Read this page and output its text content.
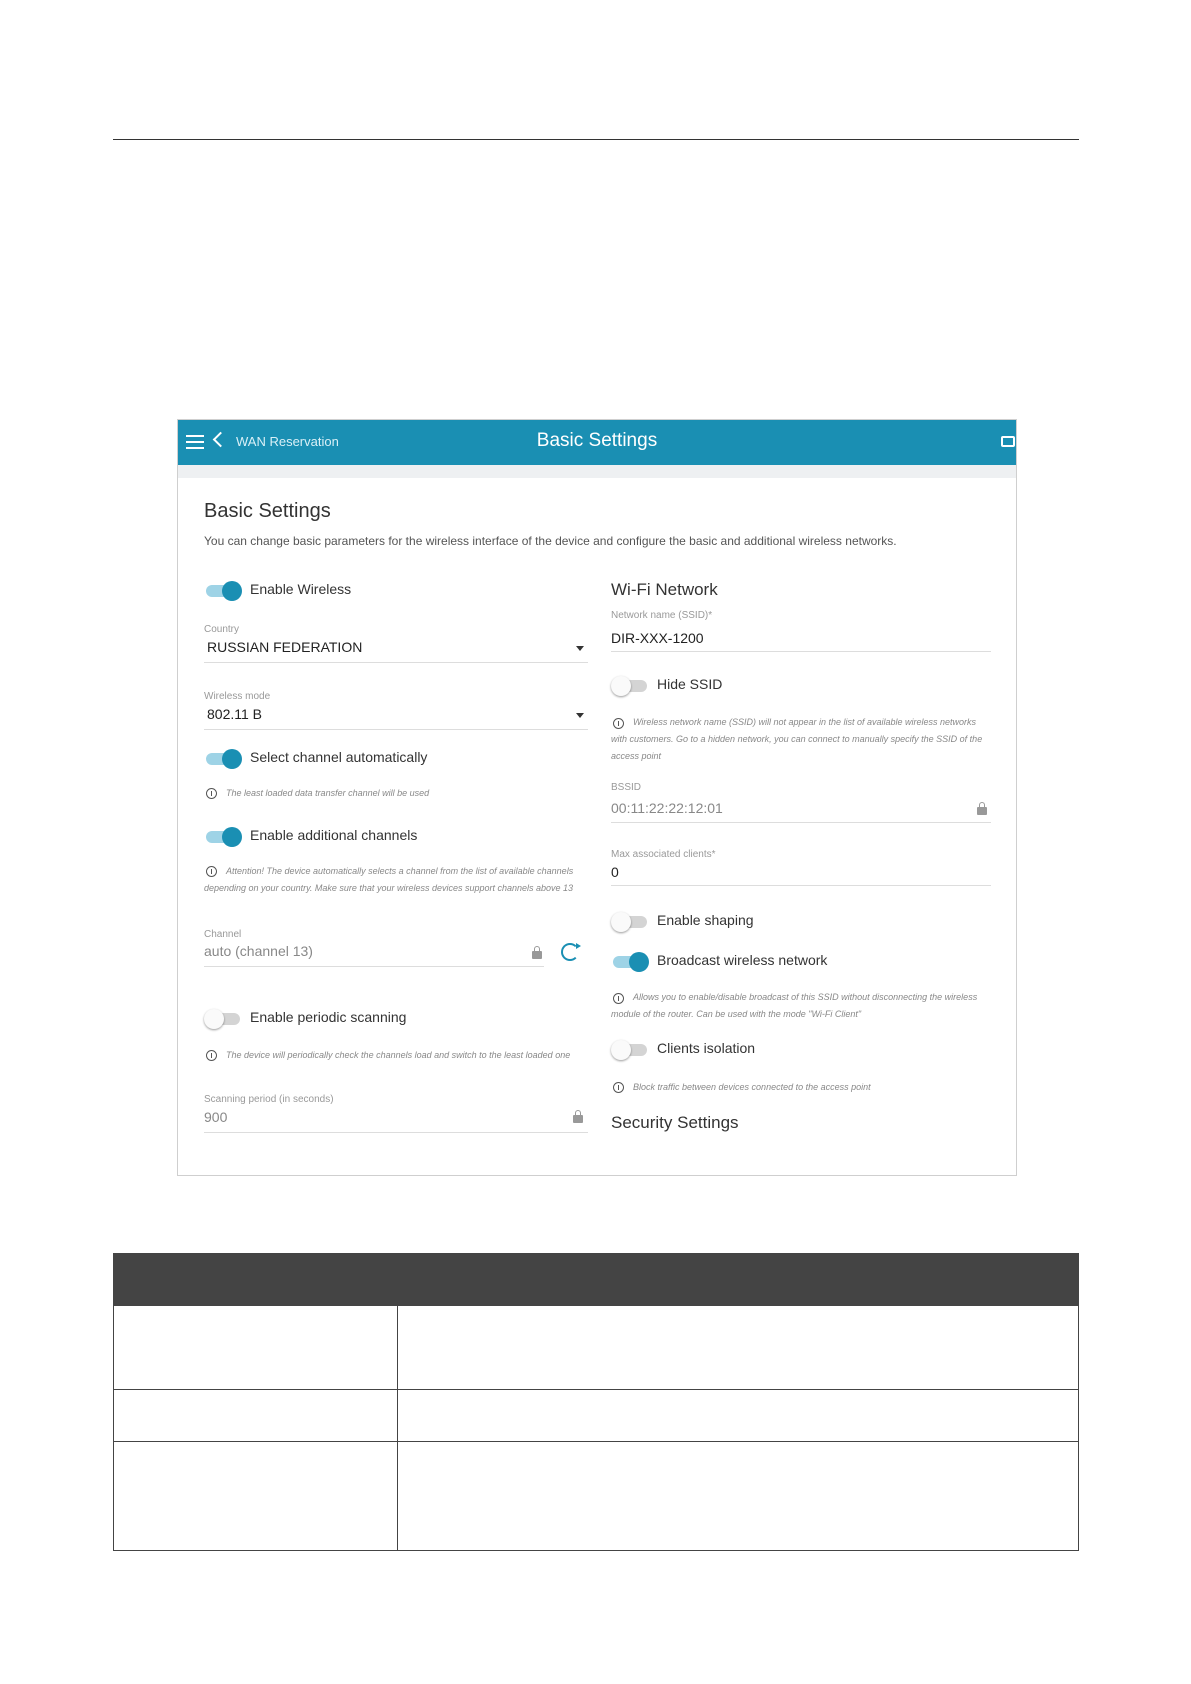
WAN Reservation	Basic Settings
Basic Settings
You can change basic parameters for the wireless interface of the device and configure the basic and additional wireless networks.
Enable Wireless
Country
RUSSIAN FEDERATION
Wireless mode
802.11 B
Select channel automatically
The least loaded data transfer channel will be used
Enable additional channels
Attention! The device automatically selects a channel from the list of available channels depending on your country. Make sure that your wireless devices support channels above 13
Channel
auto (channel 13)
Enable periodic scanning
The device will periodically check the channels load and switch to the least loaded one
Scanning period (in seconds)
900
Wi-Fi Network
Network name (SSID)*
DIR-XXX-1200
Hide SSID
Wireless network name (SSID) will not appear in the list of available wireless networks with customers. Go to a hidden network, you can connect to manually specify the SSID of the access point
BSSID
00:11:22:22:12:01
Max associated clients*
0
Enable shaping
Broadcast wireless network
Allows you to enable/disable broadcast of this SSID without disconnecting the wireless module of the router. Can be used with the mode "Wi-Fi Client"
Clients isolation
Block traffic between devices connected to the access point
Security Settings
